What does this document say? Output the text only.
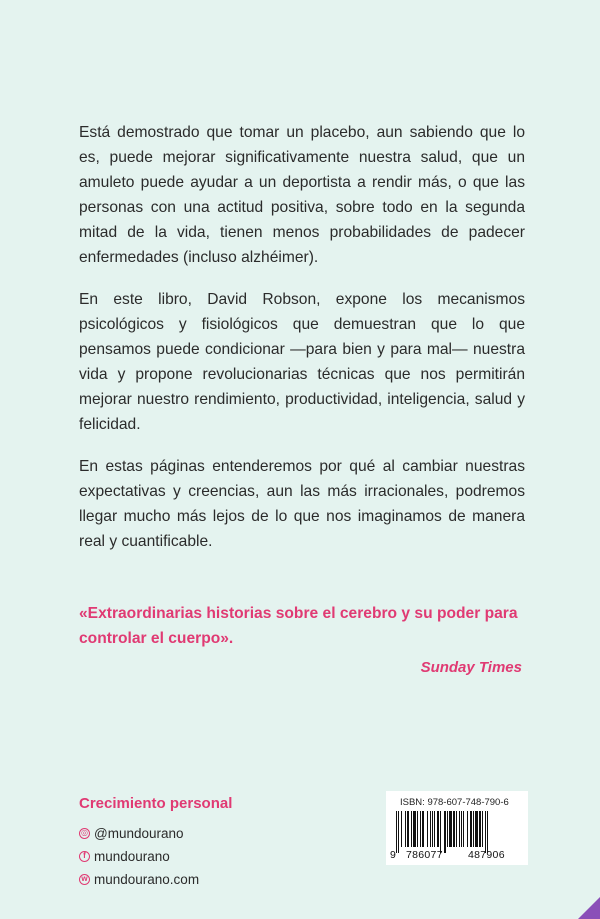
Está demostrado que tomar un placebo, aun sabiendo que lo es, puede mejorar significativamente nuestra salud, que un amuleto puede ayudar a un deportista a rendir más, o que las personas con una actitud positiva, sobre todo en la segunda mitad de la vida, tienen menos probabilidades de padecer enfermedades (incluso alzhéimer).

En este libro, David Robson, expone los mecanismos psicológicos y fisiológicos que demuestran que lo que pensamos puede condicionar —para bien y para mal— nuestra vida y propone revolucionarias técnicas que nos permitirán mejorar nuestro rendimiento, productividad, inteligencia, salud y felicidad.

En estas páginas entenderemos por qué al cambiar nuestras expectativas y creencias, aun las más irracionales, podremos llegar mucho más lejos de lo que nos imaginamos de manera real y cuantificable.

«Extraordinarias historias sobre el cerebro y su poder para controlar el cuerpo».
Sunday Times
Crecimiento personal
◎ @mundourano
f mundourano
w mundourano.com
ISBN: 978-607-748-790-6
9 786077 487906
